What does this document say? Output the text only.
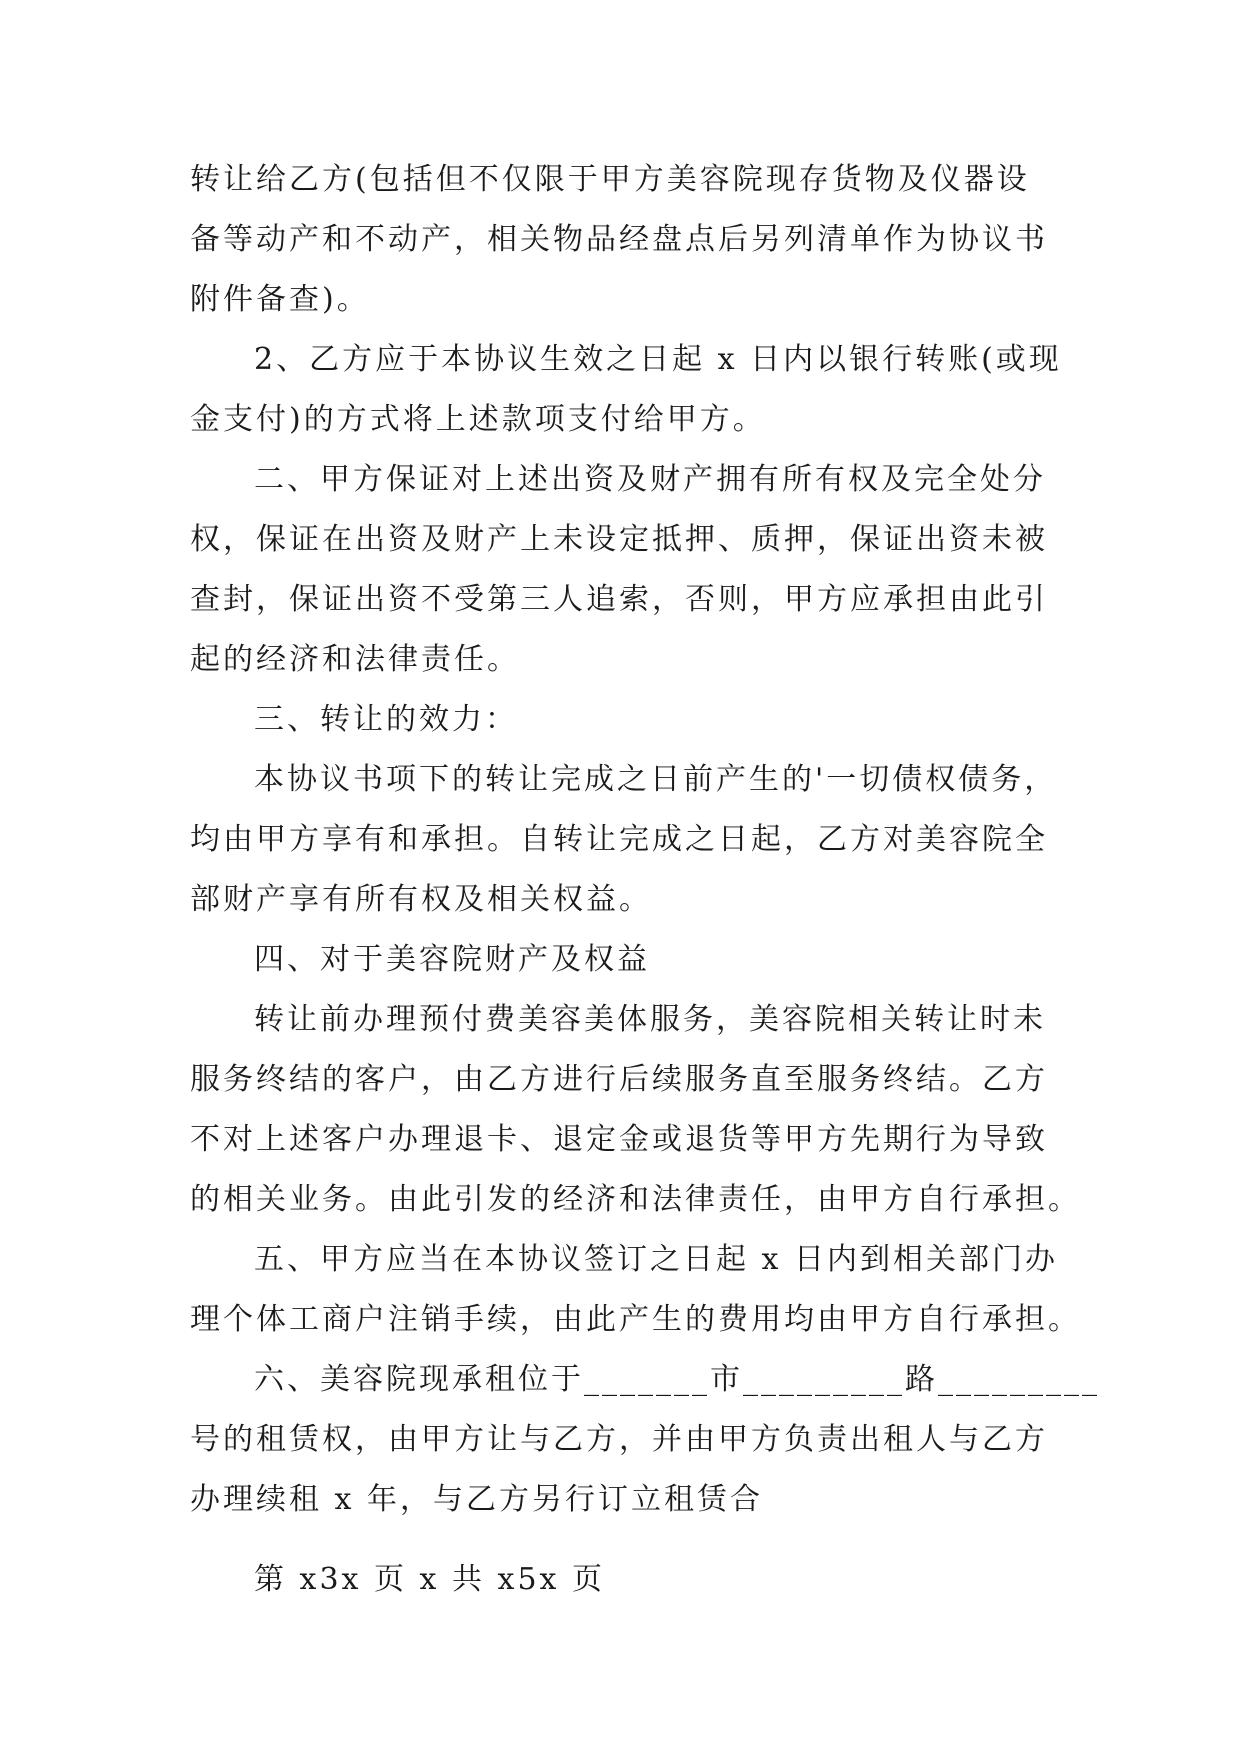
转让给乙方(包括但不仅限于甲方美容院现存货物及仪器设
备等动产和不动产，相关物品经盘点后另列清单作为协议书
附件备查)。
2、乙方应于本协议生效之日起 x 日内以银行转账(或现
金支付)的方式将上述款项支付给甲方。
二、甲方保证对上述出资及财产拥有所有权及完全处分
权，保证在出资及财产上未设定抵押、质押，保证出资未被
查封，保证出资不受第三人追索，否则，甲方应承担由此引
起的经济和法律责任。
三、转让的效力：
本协议书项下的转让完成之日前产生的'一切债权债务，
均由甲方享有和承担。自转让完成之日起，乙方对美容院全
部财产享有所有权及相关权益。
四、对于美容院财产及权益
转让前办理预付费美容美体服务，美容院相关转让时未
服务终结的客户，由乙方进行后续服务直至服务终结。乙方
不对上述客户办理退卡、退定金或退货等甲方先期行为导致
的相关业务。由此引发的经济和法律责任，由甲方自行承担。
五、甲方应当在本协议签订之日起 x 日内到相关部门办
理个体工商户注销手续，由此产生的费用均由甲方自行承担。
六、美容院现承租位于_______市_________路_________
号的租赁权，由甲方让与乙方，并由甲方负责出租人与乙方
办理续租 x 年，与乙方另行订立租赁合
第 x3x 页 x 共 x5x 页
